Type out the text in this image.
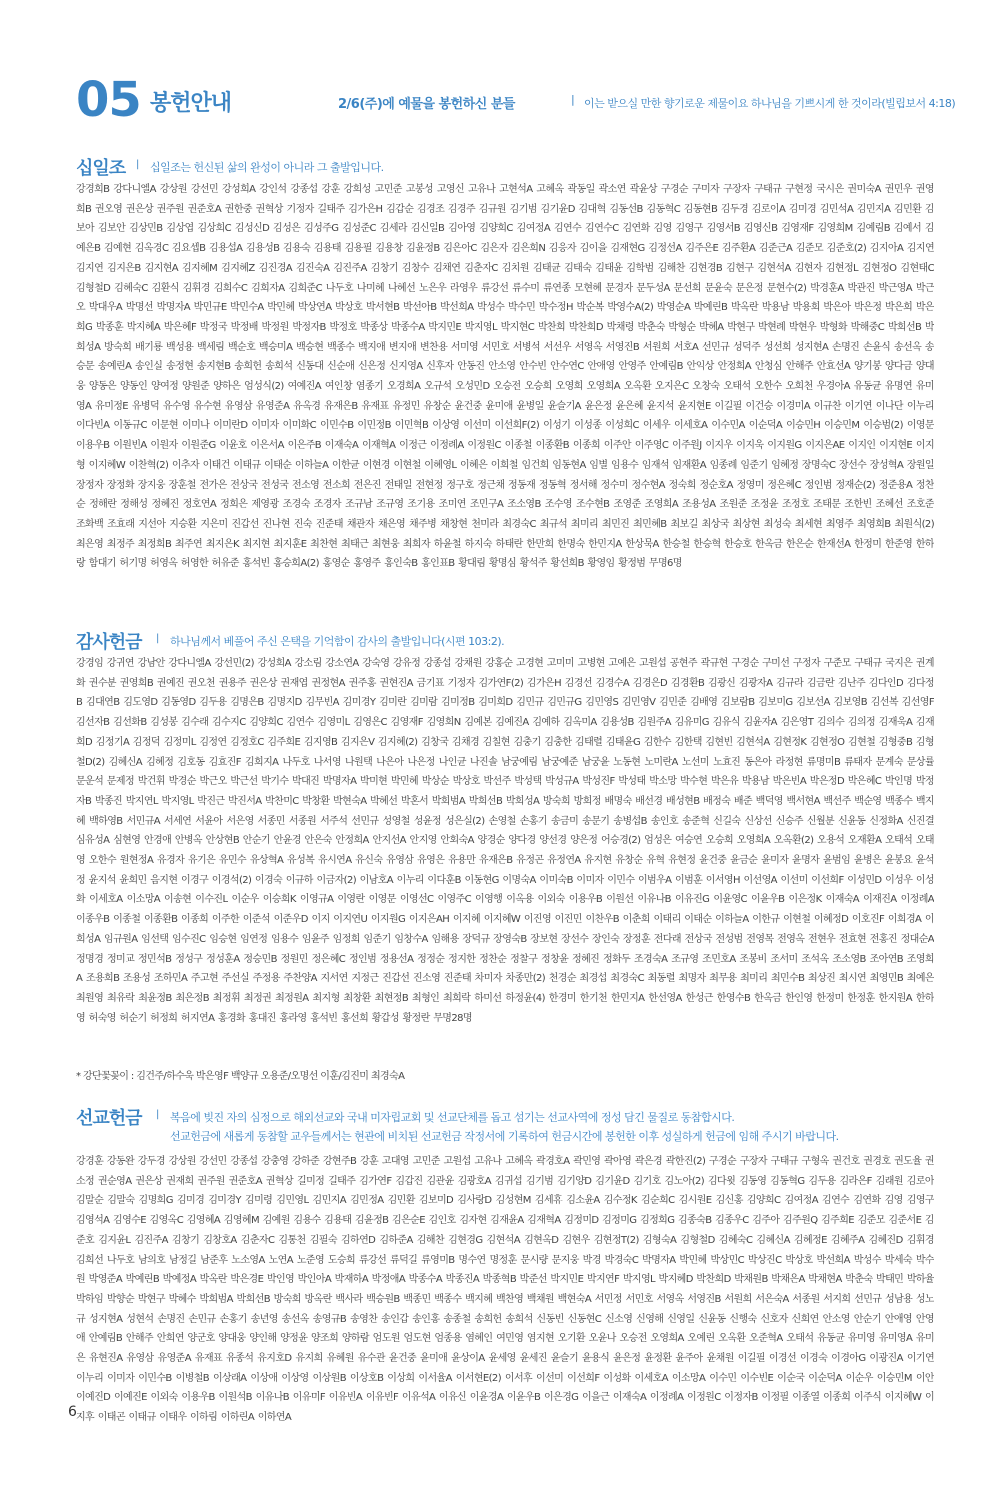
05 봉헌안내	2/6(주)에 예물을 봉헌하신 분들	| 이는 받으실 만한 향기로운 제물이요 하나님을 기쁘시게 한 것이라(빌립보서 4:18)
십일조 | 십일조는 헌신된 삶의 완성이 아니라 그 출발입니다.
강경희B 강다니엘A 강상원 강선민 강성희A 강인석 강종섭 강훈 강희성 고민준 고봉성 고영신 고유나 고현석A 고혜옥 곽동일 곽소연 곽윤상 구경순 구미자 구장자 구태규 구현정 국시은 권미숙A 권민우 권영희B 권오영 권은상 권주원 권준호A 권한중 권혁상 기정자 길태주 김가은H 김갑순 김경조 김경주 김규원 김기범 김기윤D 김대혁 김동선B 김동혁C 김동현B 김두경 김로이A 김미경 김민석A 김민지A 김민환 김보아 김보안 김상민B 김상엽 김상희C 김성신D 김성은 김성주G 김성준C 김세라 김신일B 김아영 김양희C 김여정A 김연수 김연수C 김연화 김영 김영구 김영서B 김영신B 김영재F 김영희M 김예림B 김예서 김예은B 김예현 김옥경C 김요셉B 김용섭A 김용성B 김용숙 김용태 김용필 김용창 김윤정B 김은아C 김은자 김은희N 김응자 김이을 김재현G 김정선A 김주은E 김주환A 김준근A 김준모 김준호(2) 김지아A 김지연 김지연 김지은B 김지현A 김지혜M 김지혜Z 김진경A 김진숙A 김진주A 김창기 김창수 김채연 김춘자C 김치원 김태균 김태숙 김태윤 김학범 김해찬 김현경B 김현구 김현석A 김현자 김현정L 김현정O 김현태C 김형철D 김혜숙C 김환식 김휘경 김희수C 김희자A 김희준C 나두호 나미혜 나혜선 노은우 라영우 류강선 류수미 류연종 모현혜 문경자 문두성A 문선희 문윤숙 문은정 문현수(2) 박경훈A 박관진 박근영A 박근오 박대우A 박명선 박명자A 박민규E 박민수A 박민혜 박상연A 박상호 박서현B 박선아B 박선희A 박성수 박수민 박수정H 박순복 박영수A(2) 박영순A 박예린B 박옥란 박용남 박용희 박은아 박은정 박은희 박은희G 박종훈 박지혜A 박은혜F 박정국 박정배 박정원 박정자B 박정호 박종상 박종수A 박지민E 박지영L 박지현C 박찬희 박찬희D 박채령 박춘숙 박형순 박혜A 박현구 박현례 박현우 박형화 박해중C 박희선B 박희성A 방숙희 배기룡 백성용 백세림 백순호 백승미A 백승현 백종수 백지애 변지애 변찬용 서미영 서민호 서병석 서선우 서영옥 서영진B 서원희 서호A 선민규 성덕주 성선희 성지현A 손명진 손윤식 송선옥 송승문 송예린A 송인실 송정현 송지현B 송희헌 송희석 신동대 신순애 신은정 신지영A 신후자 안동진 안소영 안수빈 안수연C 안애영 안영주 안예림B 안익상 안정희A 안청심 안해주 안효선A 양기봉 양다금 양대웅 양동은 양동인 양여정 양원준 양하은 엄성식(2) 여예진A 여인창 염종기 오경희A 오규석 오성민D 오승전 오승희 오영희 오영희A 오옥환 오지은C 오창숙 오태석 오한수 오희천 우경아A 유동균 유명연 유미영A 유미정E 유병덕 유수영 유수현 유영삼 유영준A 유옥경 유재은B 유재표 유정민 유창순 윤건중 윤미애 윤병일 윤슬기A 윤은정 윤은혜 윤지석 윤지현E 이길필 이건승 이경미A 이규찬 이기연 이나단 이누리 이다빈A 이동규C 이문현 이미나 이미란D 이미자 이미화C 이민수B 이민정B 이민혁B 이상영 이선미 이선희F(2) 이성기 이성종 이성희C 이세우 이세호A 이수민A 이순덕A 이승민H 이승민M 이승범(2) 이영문 이용우B 이원빈A 이원자 이원준G 이윤호 이은서A 이은주B 이재숙A 이재혁A 이정근 이정례A 이정원C 이종철 이종환B 이종희 이주안 이주영C 이주원J 이지우 이지욱 이지원G 이지은AE 이지인 이지현E 이지형 이지혜W 이찬혁(2) 이추자 이태건 이태규 이태순 이하늘A 이한균 이현경 이현철 이혜영L 이혜은 이희철 임건희 임동현A 임별 임용수 임재석 임재환A 임종례 임준기 임혜정 장명숙C 장선수 장성혁A 장원일 장정자 장정화 장지웅 장훈철 전가은 전상국 전성국 전소영 전소희 전은진 전태일 전현정 정구호 정근채 정동재 정동혁 정서해 정수미 정수현A 정숙희 정순호A 정영미 정은혜C 정인범 정재순(2) 정준용A 정찬순 정해란 정해성 정혜진 정호연A 정희은 제영광 조경숙 조경자 조규남 조규영 조기용 조미연 조민구A 조소영B 조수영 조수현B 조영준 조영희A 조용성A 조원준 조정윤 조정호 조태문 조한빈 조혜선 조호준 조화백 조효래 지선아 지승환 지은미 진갑선 진나현 진숙 진준태 채관자 채은영 채주병 채창현 천미라 최경숙C 최규석 최미리 최민진 최민혜B 최보길 최상국 최상현 최성숙 최세현 최영주 최영희B 최원식(2) 최은영 최정주 최정희B 최주연 최지은K 최지현 최지훈E 최찬현 최태근 최현웅 최희자 하윤철 하지숙 하태란 한만희 한명숙 한민지A 한상묵A 한승철 한승혁 한승호 한옥금 한은순 한재선A 한정미 한준영 한하랑 함대기 허기명 허영옥 허영한 허유준 홍석빈 홍승희A(2) 홍영순 홍영주 홍인숙B 홍인표B 황대림 황명심 황석주 황선희B 황영임 황정범 무명6명
감사헌금 | 하나님께서 베풀어 주신 은택을 기억함이 감사의 출발입니다(시편 103:2).
강경임 강귀연 강남안 강다니엘A 강선민(2) 강성희A 강소림 강소연A 강숙영 강유정 강종섭 강채원 강홍순 고경현 고미미 고병현 고예은 고원섭 공현주 곽규현 구경순 구미선 구정자 구준모 구태규 국지은 권계화 권수분 권영희B 권예진 권오천 권용주 권은상 권재엽 권정현A 권주홍 권현진A 금기표 기정자 김가연F(2) 김가은H 김경선 김경수A 김경은D 김경환B 김광신 김광자A 김규라 김금란 김난주 김다인D 김다정B 김대연B 김도영D 김동영D 김두용 김명은B 김명지D 김무빈A 김미경Y 김미란 김미람 김미정B 김미희D 김민규 김민규G 김민영S 김민영V 김민준 김배영 김보람B 김보미G 김보선A 김보영B 김선복 김선영F 김선자B 김선화B 김성봉 김수래 김수지C 김양희C 김연수 김영미L 김영은C 김영재F 김영희N 김예본 김예진A 김예하 김옥미A 김용성B 김원주A 김유미G 김유식 김윤자A 김은영T 김의수 김의정 김재욱A 김재희D 김정기A 김정덕 김정미L 김정연 김정호C 김주희E 김지영B 김지은V 김지혜(2) 김창국 김채경 김칠현 김충기 김충한 김태렬 김태윤G 김한수 김한택 김현빈 김현석A 김현정K 김현정O 김현철 김형중B 김형철D(2) 김혜신A 김혜정 김호동 김효진F 김희지A 나두호 나서영 나원택 나은아 나은정 나인균 나진솔 남궁예림 남궁예준 남궁윤 노동현 노미란A 노선미 노효진 동은아 라정현 류명미B 류태자 문계숙 문상률 문운석 문제정 박건휘 박경순 박근오 박근선 박기수 박대진 박명자A 박미현 박민혜 박상순 박상호 박선주 박성택 박성규A 박성진F 박성태 박소망 박수현 박은유 박용남 박은빈A 박은정D 박은혜C 박인명 박정자B 박종진 박지연L 박지영L 박진근 박진서A 박찬미C 박창환 박현숙A 박혜선 박혼서 박희범A 박희선B 박희성A 방숙희 방희정 배명숙 배선경 배성현B 배정숙 배준 백덕영 백서현A 백선주 백순영 백종수 백지혜 백하영B 서민규A 서세연 서윤아 서은영 서종민 서종원 서주석 선민규 성영철 성윤정 성은실(2) 손영철 손홍기 송금미 송문기 송병섭B 송인호 송준혁 신길숙 신상선 신승주 신월분 신윤동 신정화A 신진결 심유성A 심현영 안경애 안병옥 안상현B 안순기 안윤경 안은숙 안정희A 안지선A 안지영 안회숙A 양경순 양다경 양선경 양은정 어승경(2) 엄성은 여승연 오승희 오영희A 오옥환(2) 오용석 오재환A 오태석 오태영 오한수 원현정A 유경자 유기은 유민수 유상혁A 유성복 유시연A 유신숙 유영삼 유영은 유용만 유재은B 유정곤 유정연A 유지현 유창순 유혁 유현정 윤건중 윤금순 윤미자 윤명자 윤범임 윤병은 윤봉요 윤석정 윤지석 윤희민 음지현 이경구 이경석(2) 이경숙 이규하 이금자(2) 이남호A 이누리 이다훈B 이동현G 이명숙A 이미숙B 이미자 이민수 이범우A 이범훈 이서영H 이선영A 이선미 이선희F 이성민D 이성우 이성화 이세호A 이소망A 이송현 이수진L 이순우 이승희K 이영규A 이영란 이영문 이영선C 이영주C 이영행 이옥용 이외숙 이용우B 이원선 이유나B 이유진G 이윤영C 이윤우B 이은정K 이재숙A 이재진A 이정례A 이종우B 이종철 이종환B 이종희 이주한 이준석 이준우D 이지 이지연U 이지원G 이지은AH 이지혜 이지혜W 이진영 이진민 이찬우B 이춘희 이태리 이태순 이하늘A 이한규 이현철 이혜정D 이호진F 이희경A 이희성A 임규원A 임선택 임수진C 임승현 임연정 임용수 임윤주 임정희 임준기 임창수A 임해용 장덕규 장영숙B 장보현 장선수 장인숙 장정훈 전다래 전상국 전성범 전영목 전영옥 전현우 전효현 전홍진 정대순A 정명경 정미교 정민석B 정성구 정성훈A 정승민B 정원민 정은혜C 정인범 정용선A 정정순 정지한 정찬순 정찰구 정창윤 정혜진 정화두 조경숙A 조규영 조민호A 조봉비 조서미 조석옥 조소영B 조아연B 조영희A 조용희B 조용성 조하민A 주고현 주선실 주정용 주찬양A 지서연 지정근 진갑선 진소영 진준태 차미자 차종만(2) 천경순 최경섭 최경숙C 최동렬 최명자 최무용 최미리 최민수B 최상진 최시연 최영민B 최예은 최원영 최유락 최윤정B 최은정B 최정휘 최정권 최정원A 최지형 최창환 최현정B 최형인 최희락 하미선 하정윤(4) 한경미 한기천 한민지A 한선영A 한성근 한영수B 한옥금 한인영 한정미 한정훈 한지원A 한하영 허숙영 허순기 허정희 허지연A 홍경화 홍대진 홍라영 홍석빈 홍선희 황갑성 황정란 무명28명
* 강단꽃꽂이 : 김건주/하수욱 박은영F 백양규 오용준/오명선 이훈/김진미 최경숙A
선교헌금 | 복음에 빚진 자의 심정으로 해외선교와 국내 미자립교회 및 선교단체를 돕고 섬기는 선교사역에 정성 담긴 물질로 동참합시다.
선교헌금에 새롭게 동참할 교우들께서는 현관에 비치된 선교헌금 작정서에 기록하여 헌금시간에 봉헌한 이후 성실하게 헌금에 임해 주시기 바랍니다.
강경훈 강동완 강두경 강상원 강선민 강종섭 강충영 강하준 강현주B 강훈 고대영 고민준 고원섭 고유나 고혜옥 곽경호A 곽민영 곽아영 곽은경 곽한진(2) 구경순 구장자 구태규 구형옥 권건호 권경호 권도율 권소정 권순영A 권은상 권재희 권주원 권준호A 권혁상 길미정 길태주 김가연F 김갑진 김관윤 김광호A 김귀섭 김기범 김기양D 김기윤D 김기호 김노아(2) 김다윗 김동영 김동혁G 김두용 김라은F 김래원 김로아 김말순 김말숙 김명희G 김미경 김미경Y 김미령 김민영L 김민지A 김민정A 김민환 김보미D 김사랑D 김성현M 김세휴 김소윤A 김수정K 김순희C 김시원E 김신홍 김양희C 김여정A 김연수 김연화 김영 김영구 김영석A 김영수E 김영옥C 김영혜A 김영혜M 김예원 김용수 김용태 김윤정B 김은순E 김인호 김자현 김재윤A 김재혁A 김정미D 김정미G 김정희G 김종숙B 김종우C 김주아 김주원Q 김주희E 김준모 김준서E 김준호 김지윤L 김진주A 김창기 김창호A 김춘자C 김통천 김필숙 김하연D 김하준A 김해찬 김현경G 김현석A 김현옥D 김현우 김현정T(2) 김형숙A 김형철D 김혜숙C 김혜신A 김혜정E 김혜주A 김혜진D 김휘경 김희선 나두호 남의호 남정길 남준후 노소영A 노연A 노준영 도승희 류강선 류덕길 류영미B 명수연 명정훈 문시량 문지웅 박경 박경숙C 박명자A 박민혜 박상민C 박상진C 박상호 박선희A 박성수 박세숙 박수원 박영준A 박예린B 박예정A 박옥란 박은경E 박인영 박인아A 박재하A 박정애A 박종수A 박종진A 박종혁B 박준선 박지민E 박지연F 박지영L 박지혜D 박찬희D 박채원B 박채은A 박채현A 박춘숙 박태민 박하율 박하임 박향순 박현구 박혜수 박희범A 박희선B 방숙희 방옥란 백사라 백승원B 백종민 백종수 백지혜 백찬영 백채원 백현숙A 서민정 서민호 서영옥 서영진B 서원희 서은숙A 서종원 서지희 선민규 성남용 성노규 성지현A 성현석 손명진 손민규 손홍기 송년영 송선옥 송영규B 송영찬 송인갑 송인홍 송종철 송희헌 송희석 신동빈 신동현C 신소영 신영해 신영일 신윤동 신행숙 신호자 신희연 안소영 안순기 안애영 안영애 안예림B 안해주 안희연 양군호 양대웅 양인해 양정윤 양조희 양하람 엄도원 엄도현 엄종용 염혜인 여민영 염지현 오기환 오윤나 오승전 오영희A 오예린 오옥환 오준혁A 오태석 유동균 유미영 유미영A 유미은 유현진A 유영삼 유영준A 유재표 유종석 유지호D 유지희 유혜원 유수관 윤건중 윤미애 윤상이A 윤세영 윤세진 윤슬기 윤용식 윤은정 윤정환 윤주아 윤채원 이길필 이경선 이경숙 이경아G 이광진A 이기연 이누리 이미자 이민수B 이병철B 이상래A 이상애 이상영 이상원B 이상호B 이상희 이서율A 이서현E(2) 이서후 이선미 이선희F 이성화 이세호A 이소망A 이수민 이수빈E 이순국 이순덕A 이순우 이승민M 이안 이예진D 이예진E 이외숙 이용우B 이원석B 이유나B 이유미F 이유빈A 이유빈F 이유석A 이유신 이윤경A 이윤우B 이은경G 이을근 이재숙A 이정례A 이정원C 이정자B 이정필 이종열 이종희 이주식 이지혜W 이지후 이태곤 이태규 이태우 이하림 이하린A 이하연A
6
